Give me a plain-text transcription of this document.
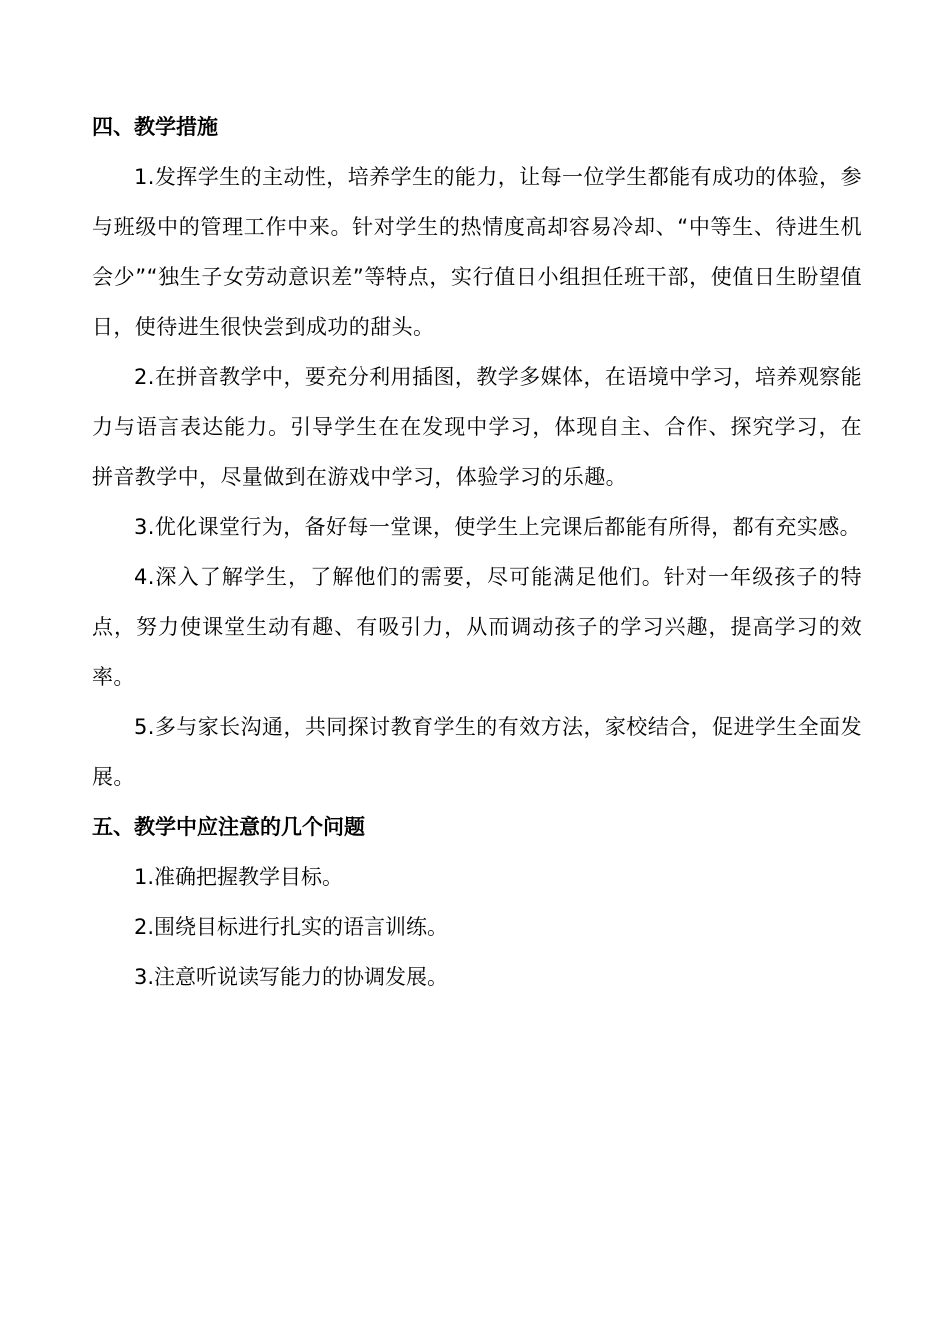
四、教学措施

1.发挥学生的主动性，培养学生的能力，让每一位学生都能有成功的体验，参与班级中的管理工作中来。针对学生的热情度高却容易冷却、“中等生、待进生机会少”“独生子女劳动意识差”等特点，实行值日小组担任班干部，使值日生盼望值日，使待进生很快尝到成功的甜头。

2.在拼音教学中，要充分利用插图，教学多媒体，在语境中学习，培养观察能力与语言表达能力。引导学生在在发现中学习，体现自主、合作、探究学习，在拼音教学中，尽量做到在游戏中学习，体验学习的乐趣。

3.优化课堂行为，备好每一堂课，使学生上完课后都能有所得，都有充实感。

4.深入了解学生，了解他们的需要，尽可能满足他们。针对一年级孩子的特点，努力使课堂生动有趣、有吸引力，从而调动孩子的学习兴趣，提高学习的效率。

5.多与家长沟通，共同探讨教育学生的有效方法，家校结合，促进学生全面发展。

五、教学中应注意的几个问题

1.准确把握教学目标。

2.围绕目标进行扎实的语言训练。

3.注意听说读写能力的协调发展。
